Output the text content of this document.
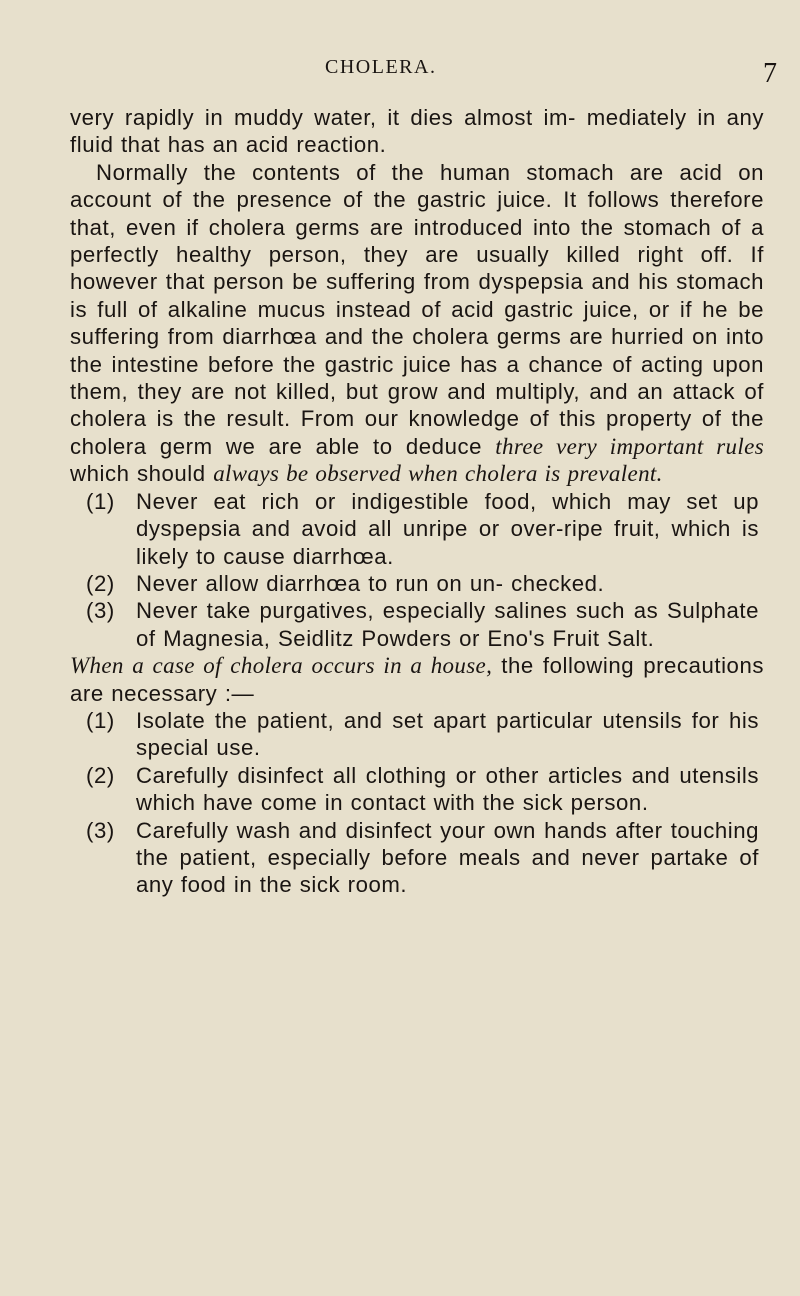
CHOLERA.	7

very rapidly in muddy water, it dies almost im- mediately in any fluid that has an acid reaction.

Normally the contents of the human stomach are acid on account of the presence of the gastric juice. It follows therefore that, even if cholera germs are introduced into the stomach of a perfectly healthy person, they are usually killed right off. If however that person be suffering from dyspepsia and his stomach is full of alkaline mucus instead of acid gastric juice, or if he be suffering from diarrhœa and the cholera germs are hurried on into the intestine before the gastric juice has a chance of acting upon them, they are not killed, but grow and multiply, and an attack of cholera is the result. From our knowledge of this property of the cholera germ we are able to deduce three very important rules which should always be observed when cholera is prevalent.

(1) Never eat rich or indigestible food, which may set up dyspepsia and avoid all unripe or over-ripe fruit, which is likely to cause diarrhœa.
(2) Never allow diarrhœa to run on un- checked.
(3) Never take purgatives, especially salines such as Sulphate of Magnesia, Seidlitz Powders or Eno's Fruit Salt.

When a case of cholera occurs in a house, the following precautions are necessary :—

(1) Isolate the patient, and set apart particular utensils for his special use.
(2) Carefully disinfect all clothing or other articles and utensils which have come in contact with the sick person.
(3) Carefully wash and disinfect your own hands after touching the patient, especially before meals and never partake of any food in the sick room.
